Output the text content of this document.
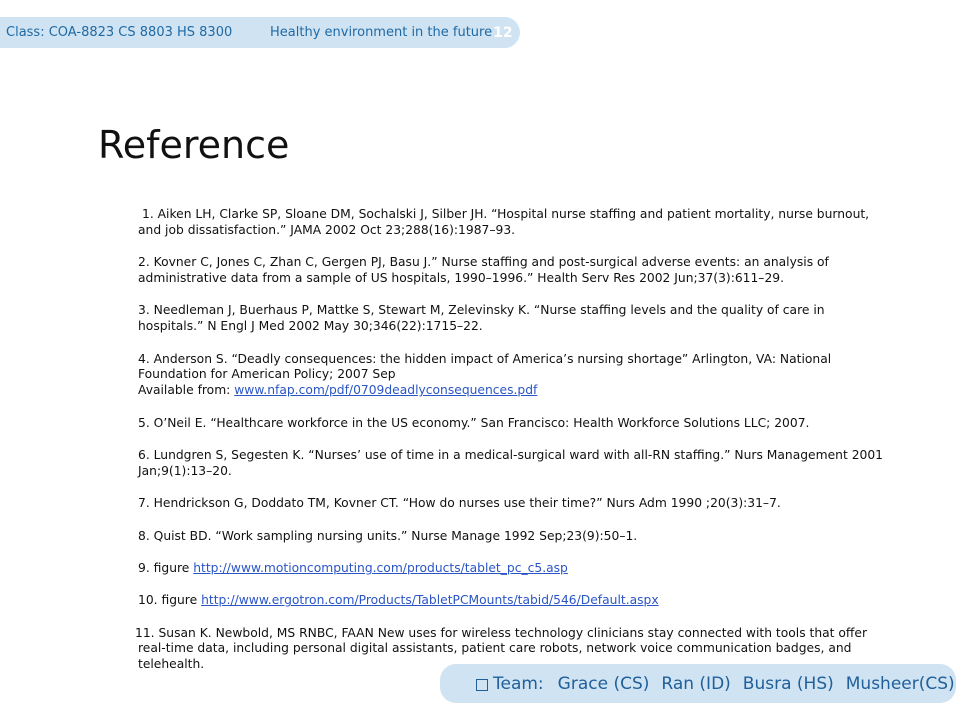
Class: COA-8823 CS 8803 HS 8300	Healthy environment in the future 12
Reference

1. Aiken LH, Clarke SP, Sloane DM, Sochalski J, Silber JH. “Hospital nurse staffing and patient mortality, nurse burnout, and job dissatisfaction.” JAMA 2002 Oct 23;288(16):1987–93.

2. Kovner C, Jones C, Zhan C, Gergen PJ, Basu J.” Nurse staffing and post-surgical adverse events: an analysis of administrative data from a sample of US hospitals, 1990–1996.” Health Serv Res 2002 Jun;37(3):611–29.

3. Needleman J, Buerhaus P, Mattke S, Stewart M, Zelevinsky K. “Nurse staffing levels and the quality of care in hospitals.” N Engl J Med 2002 May 30;346(22):1715–22.

4. Anderson S. “Deadly consequences: the hidden impact of America’s nursing shortage” Arlington, VA: National Foundation for American Policy; 2007 Sep
Available from: www.nfap.com/pdf/0709deadlyconsequences.pdf

5. O’Neil E. “Healthcare workforce in the US economy.” San Francisco: Health Workforce Solutions LLC; 2007.

6. Lundgren S, Segesten K. “Nurses’ use of time in a medical-surgical ward with all-RN staffing.” Nurs Management 2001 Jan;9(1):13–20.

7. Hendrickson G, Doddato TM, Kovner CT. “How do nurses use their time?” Nurs Adm 1990 ;20(3):31–7.

8. Quist BD. “Work sampling nursing units.” Nurse Manage 1992 Sep;23(9):50–1.

9. figure http://www.motioncomputing.com/products/tablet_pc_c5.asp

10. figure http://www.ergotron.com/Products/TabletPCMounts/tabid/546/Default.aspx

11. Susan K. Newbold, MS RNBC, FAAN New uses for wireless technology clinicians stay connected with tools that offer real-time data, including personal digital assistants, patient care robots, network voice communication badges, and telehealth.

Team: Grace (CS) Ran (ID) Busra (HS) Musheer(CS)
